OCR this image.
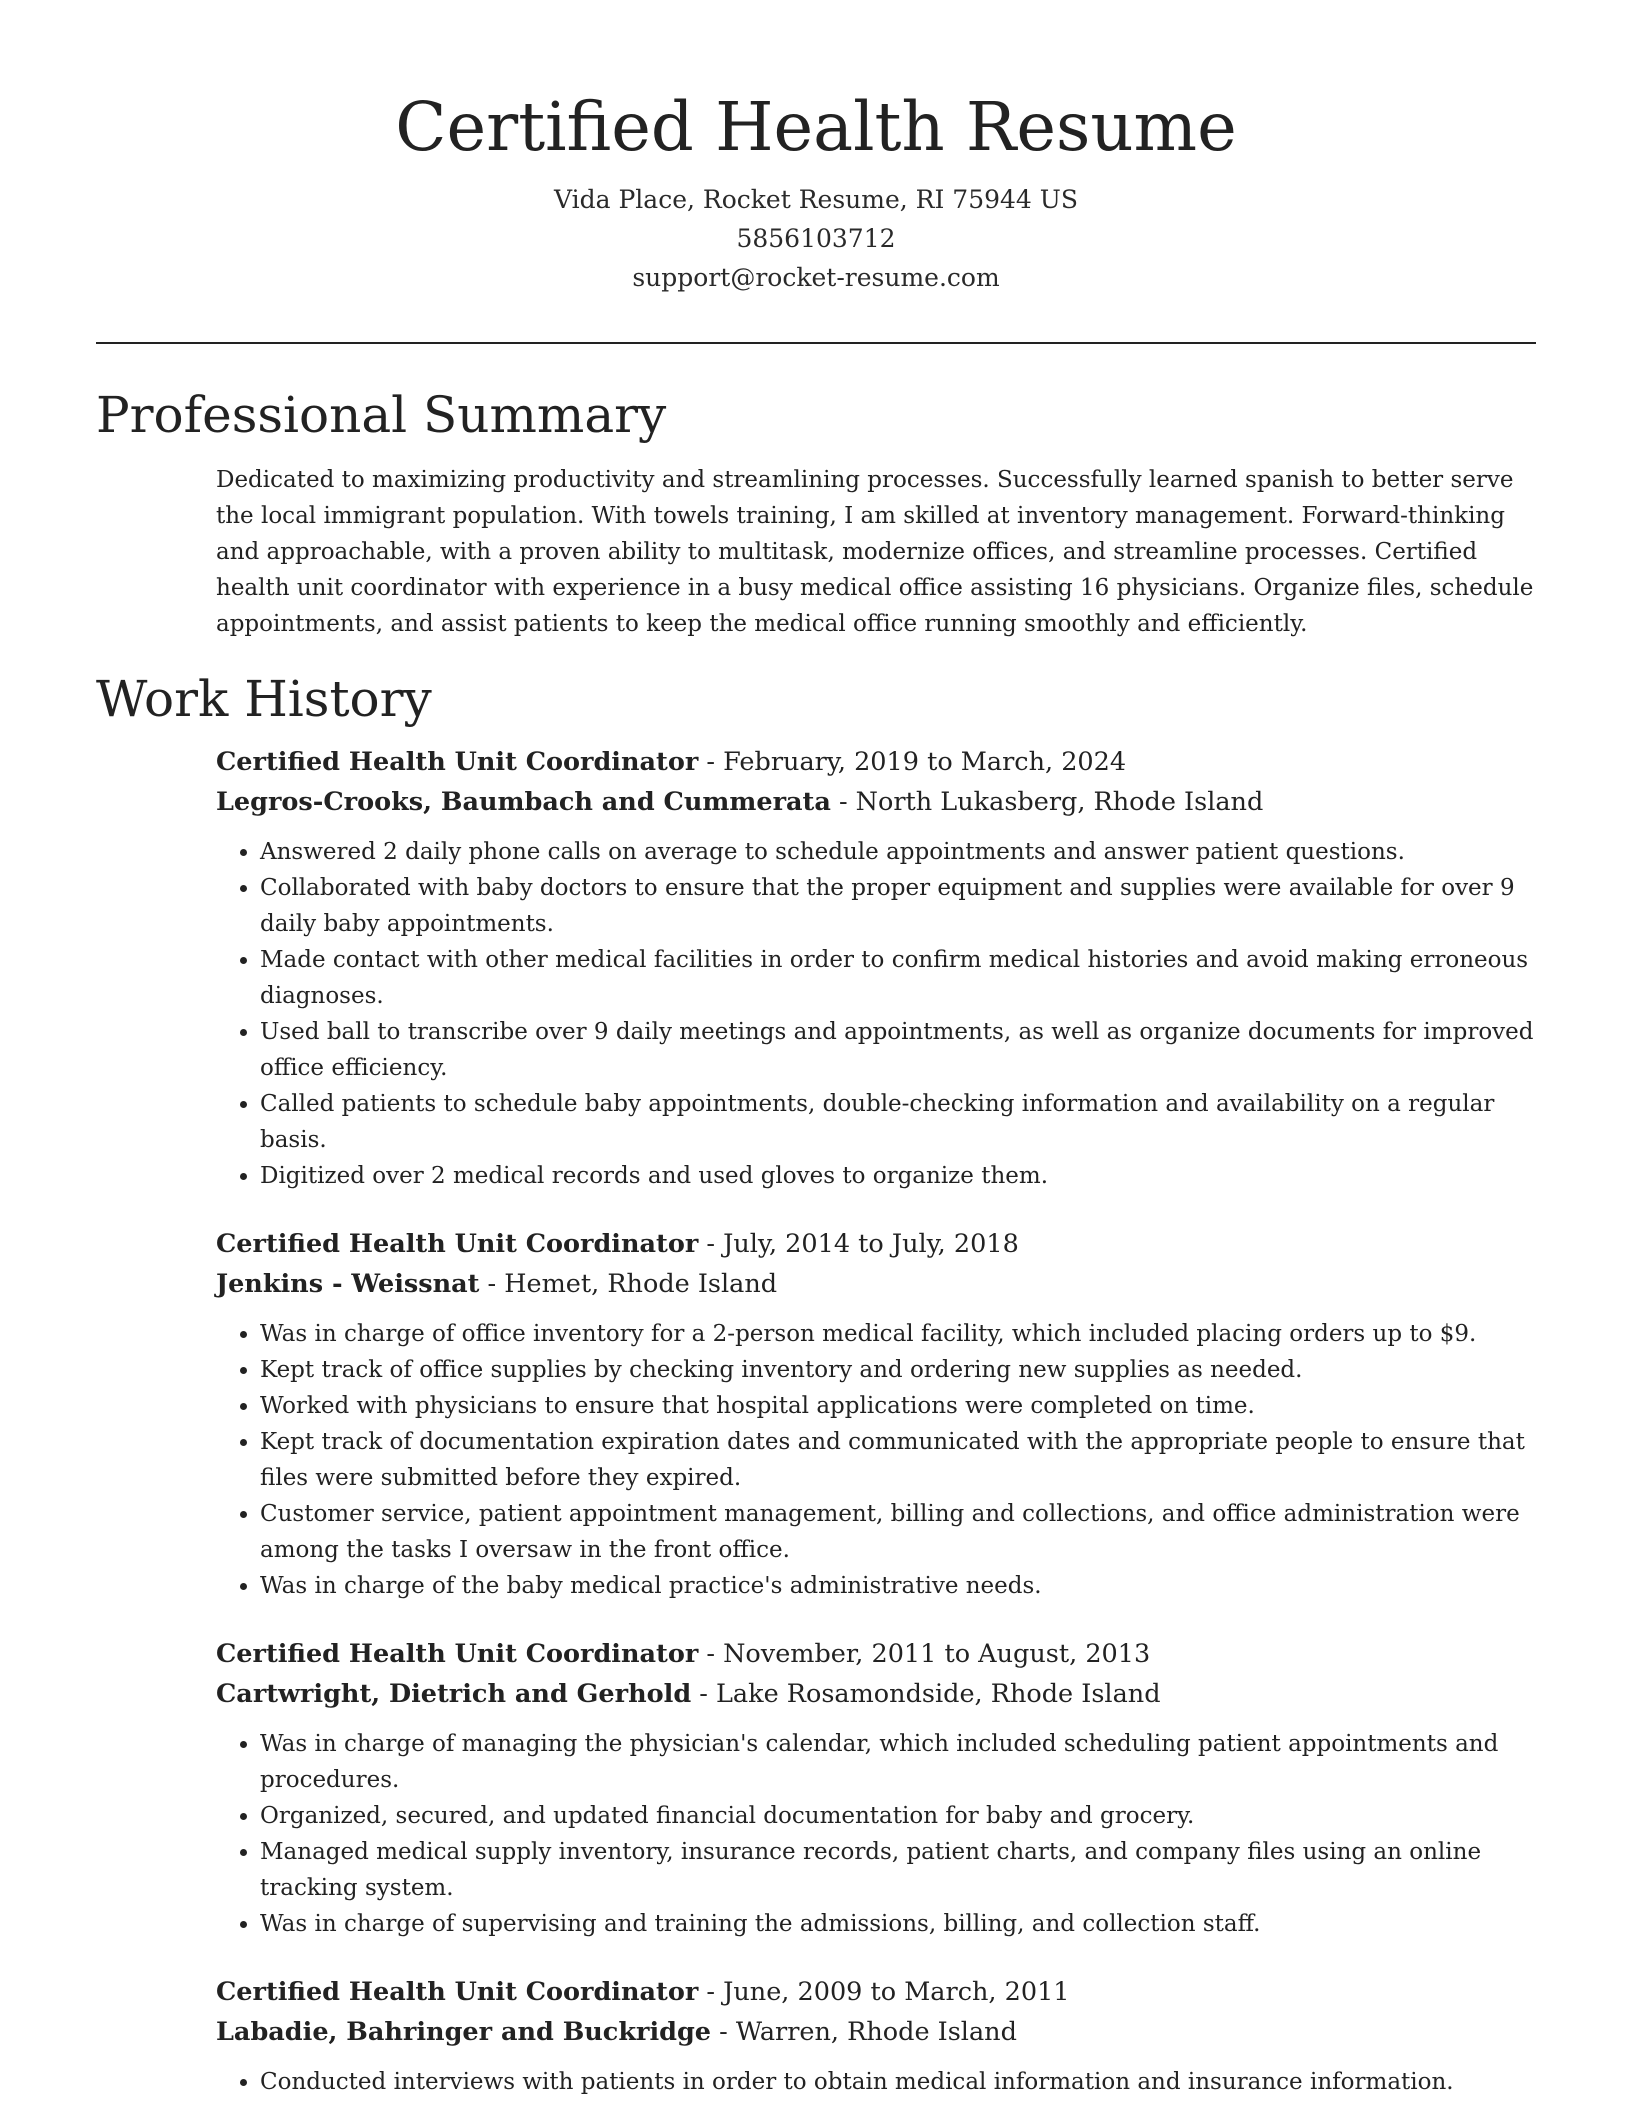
Certified Health Resume
Vida Place, Rocket Resume, RI 75944 US
5856103712
support@rocket-resume.com
Professional Summary

Dedicated to maximizing productivity and streamlining processes. Successfully learned spanish to better serve the local immigrant population. With towels training, I am skilled at inventory management. Forward-thinking and approachable, with a proven ability to multitask, modernize offices, and streamline processes. Certified health unit coordinator with experience in a busy medical office assisting 16 physicians. Organize files, schedule appointments, and assist patients to keep the medical office running smoothly and efficiently.

Work History
Certified Health Unit Coordinator - February, 2019 to March, 2024
Legros-Crooks, Baumbach and Cummerata - North Lukasberg, Rhode Island
• Answered 2 daily phone calls on average to schedule appointments and answer patient questions.
• Collaborated with baby doctors to ensure that the proper equipment and supplies were available for over 9 daily baby appointments.
• Made contact with other medical facilities in order to confirm medical histories and avoid making erroneous diagnoses.
• Used ball to transcribe over 9 daily meetings and appointments, as well as organize documents for improved office efficiency.
• Called patients to schedule baby appointments, double-checking information and availability on a regular basis.
• Digitized over 2 medical records and used gloves to organize them.
Certified Health Unit Coordinator - July, 2014 to July, 2018
Jenkins - Weissnat - Hemet, Rhode Island
• Was in charge of office inventory for a 2-person medical facility, which included placing orders up to $9.
• Kept track of office supplies by checking inventory and ordering new supplies as needed.
• Worked with physicians to ensure that hospital applications were completed on time.
• Kept track of documentation expiration dates and communicated with the appropriate people to ensure that files were submitted before they expired.
• Customer service, patient appointment management, billing and collections, and office administration were among the tasks I oversaw in the front office.
• Was in charge of the baby medical practice's administrative needs.
Certified Health Unit Coordinator - November, 2011 to August, 2013
Cartwright, Dietrich and Gerhold - Lake Rosamondside, Rhode Island
• Was in charge of managing the physician's calendar, which included scheduling patient appointments and procedures.
• Organized, secured, and updated financial documentation for baby and grocery.
• Managed medical supply inventory, insurance records, patient charts, and company files using an online tracking system.
• Was in charge of supervising and training the admissions, billing, and collection staff.
Certified Health Unit Coordinator - June, 2009 to March, 2011
Labadie, Bahringer and Buckridge - Warren, Rhode Island
• Conducted interviews with patients in order to obtain medical information and insurance information.
